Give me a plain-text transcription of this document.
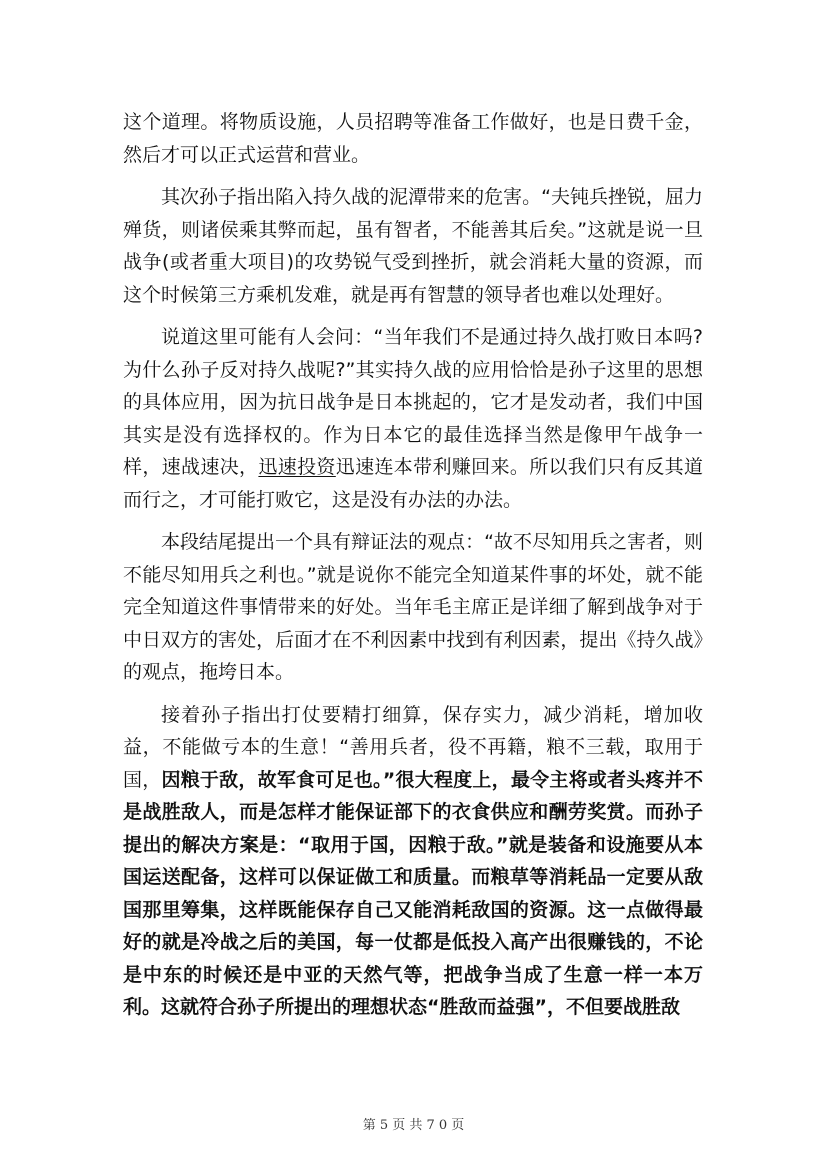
这个道理。将物质设施，人员招聘等准备工作做好，也是日费千金，然后才可以正式运营和营业。

其次孙子指出陷入持久战的泥潭带来的危害。“夫钝兵挫锐，屈力殚货，则诸侯乘其弊而起，虽有智者，不能善其后矣。”这就是说一旦战争(或者重大项目)的攻势锐气受到挫折，就会消耗大量的资源，而这个时候第三方乘机发难，就是再有智慧的领导者也难以处理好。

说道这里可能有人会问：“当年我们不是通过持久战打败日本吗?为什么孙子反对持久战呢?”其实持久战的应用恰恰是孙子这里的思想的具体应用，因为抗日战争是日本挑起的，它才是发动者，我们中国其实是没有选择权的。作为日本它的最佳选择当然是像甲午战争一样，速战速决，迅速投资迅速连本带利赚回来。所以我们只有反其道而行之，才可能打败它，这是没有办法的办法。

本段结尾提出一个具有辩证法的观点：“故不尽知用兵之害者，则不能尽知用兵之利也。”就是说你不能完全知道某件事的坏处，就不能完全知道这件事情带来的好处。当年毛主席正是详细了解到战争对于中日双方的害处，后面才在不利因素中找到有利因素，提出《持久战》的观点，拖垮日本。

接着孙子指出打仗要精打细算，保存实力，减少消耗，增加收益，不能做亏本的生意！“善用兵者，役不再籍，粮不三载，取用于国，因粮于敌，故军食可足也。”很大程度上，最令主将或者头疼并不是战胜敌人，而是怎样才能保证部下的衣食供应和酬劳奖赏。而孙子提出的解决方案是：“取用于国，因粮于敌。”就是装备和设施要从本国运送配备，这样可以保证做工和质量。而粮草等消耗品一定要从敌国那里筹集，这样既能保存自己又能消耗敌国的资源。这一点做得最好的就是冷战之后的美国，每一仗都是低投入高产出很赚钱的，不论是中东的时候还是中亚的天然气等，把战争当成了生意一样一本万利。这就符合孙子所提出的理想状态“胜敌而益强”，不但要战胜敌

第 5 页 共 7 0 页
